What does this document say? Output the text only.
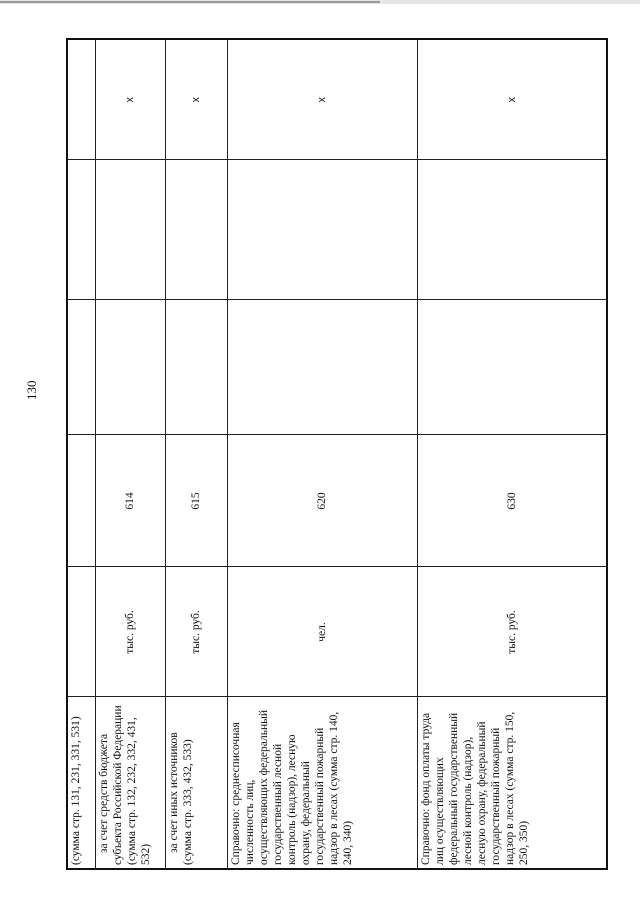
130
(сумма стр. 131, 231, 331, 531)					

за счет средств бюджета субъекта Российской Федерации (сумма стр. 132, 232, 332, 431, 532)	тыс. руб.	614			x

за счет иных источников (сумма стр. 333, 432, 533)	тыс. руб.	615			x
Справочно: среднесписочная численность лиц, осуществляющих федеральный государственный лесной контроль (надзор), лесную охрану, федеральный государственный пожарный надзор в лесах (сумма стр. 140, 240, 340)	чел.	620			x
Справочно: фонд оплаты труда лиц осуществляющих федеральный государственный лесной контроль (надзор), лесную охрану, федеральный государственный пожарный надзор в лесах (сумма стр. 150, 250, 350)	тыс. руб.	630			x
